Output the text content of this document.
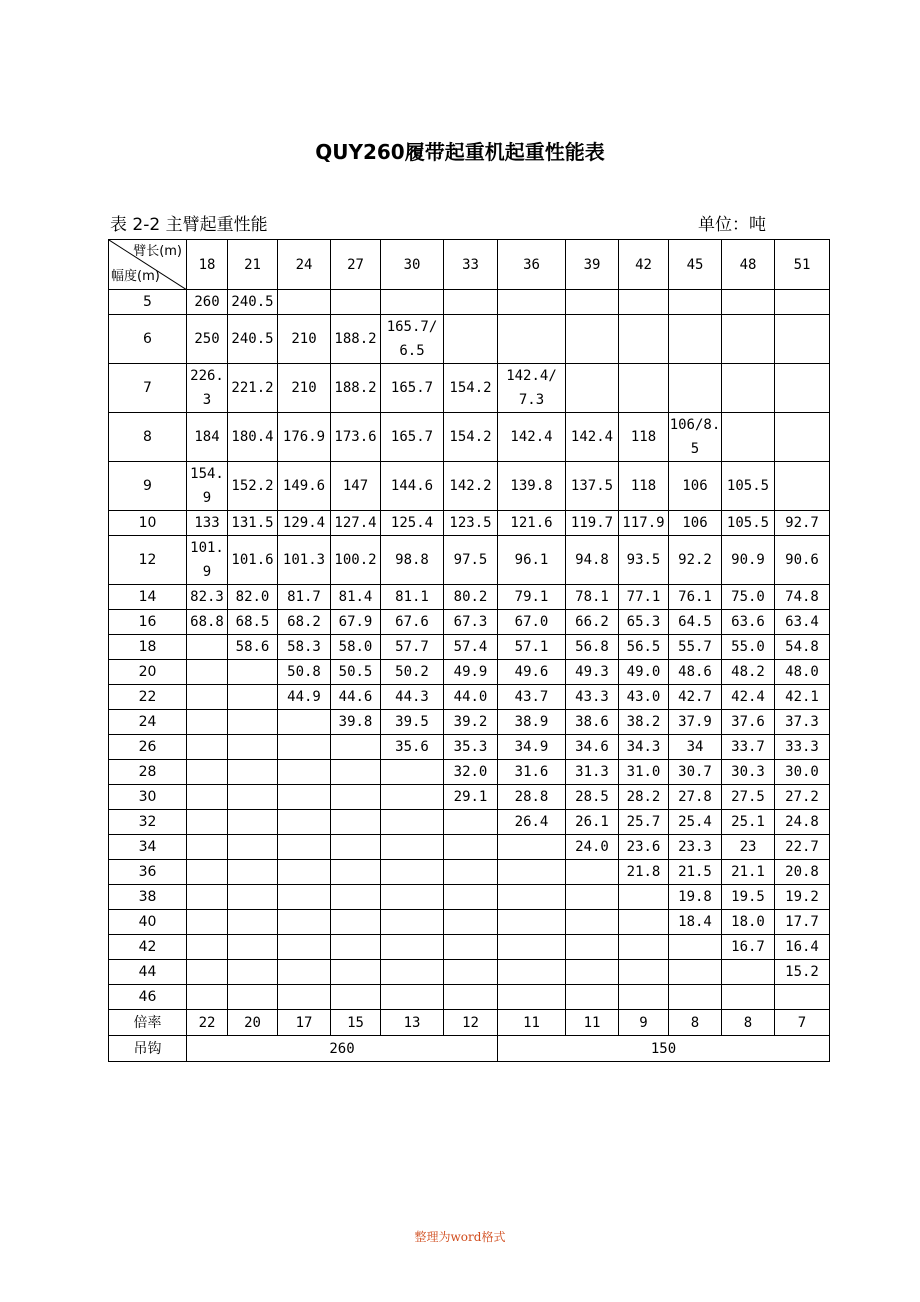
QUY260履带起重机起重性能表
表 2-2 主臂起重性能	单位：吨
臂长(m)
幅度(m)	18	21	24	27	30	33	36	39	42	45	48	51
5	260	240.5										
6	250	240.5	210	188.2	165.7/6.5							
7	226.3	221.2	210	188.2	165.7	154.2	142.4/7.3					
8	184	180.4	176.9	173.6	165.7	154.2	142.4	142.4	118	106/8.5		
9	154.9	152.2	149.6	147	144.6	142.2	139.8	137.5	118	106	105.5	
10	133	131.5	129.4	127.4	125.4	123.5	121.6	119.7	117.9	106	105.5	92.7
12	101.9	101.6	101.3	100.2	98.8	97.5	96.1	94.8	93.5	92.2	90.9	90.6
14	82.3	82.0	81.7	81.4	81.1	80.2	79.1	78.1	77.1	76.1	75.0	74.8
16	68.8	68.5	68.2	67.9	67.6	67.3	67.0	66.2	65.3	64.5	63.6	63.4
18		58.6	58.3	58.0	57.7	57.4	57.1	56.8	56.5	55.7	55.0	54.8
20			50.8	50.5	50.2	49.9	49.6	49.3	49.0	48.6	48.2	48.0
22			44.9	44.6	44.3	44.0	43.7	43.3	43.0	42.7	42.4	42.1
24				39.8	39.5	39.2	38.9	38.6	38.2	37.9	37.6	37.3
26					35.6	35.3	34.9	34.6	34.3	34	33.7	33.3
28						32.0	31.6	31.3	31.0	30.7	30.3	30.0
30						29.1	28.8	28.5	28.2	27.8	27.5	27.2
32							26.4	26.1	25.7	25.4	25.1	24.8
34								24.0	23.6	23.3	23	22.7
36									21.8	21.5	21.1	20.8
38										19.8	19.5	19.2
40										18.4	18.0	17.7
42											16.7	16.4
44												15.2
46												
倍率	22	20	17	15	13	12	11	11	9	8	8	7
吊钩	260						150					
整理为word格式
